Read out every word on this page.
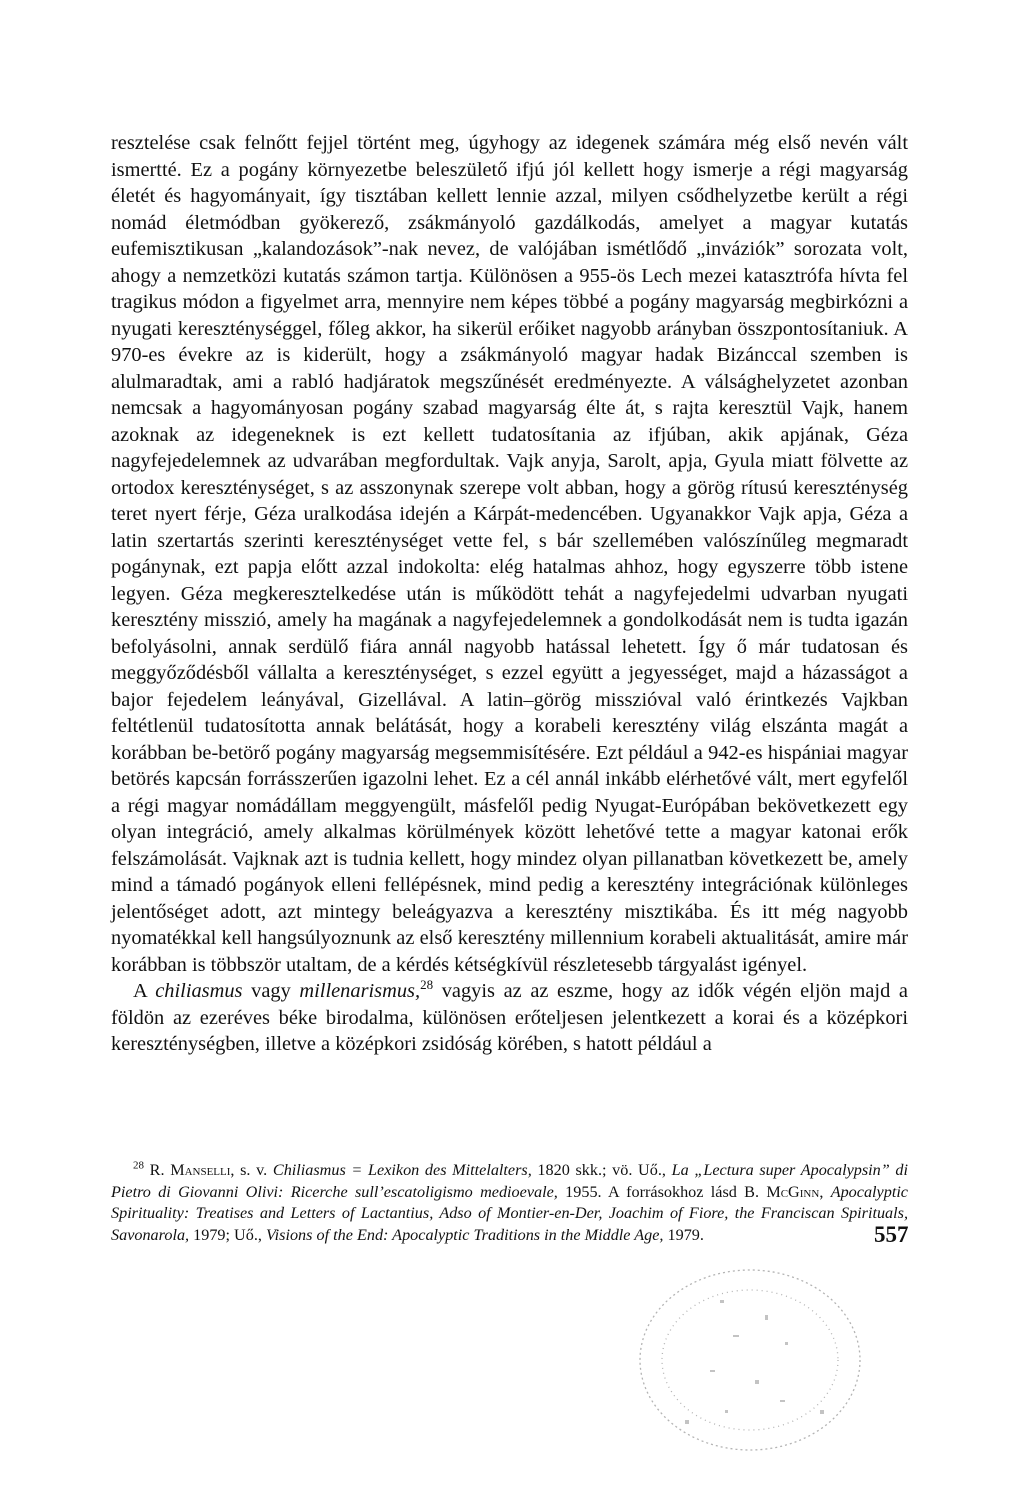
resztelése csak felnőtt fejjel történt meg, úgyhogy az idegenek számára még első nevén vált ismertté. Ez a pogány környezetbe beleszülető ifjú jól kellett hogy ismerje a régi magyarság életét és hagyományait, így tisztában kellett lennie azzal, milyen csődhelyzetbe került a régi nomád életmódban gyökerező, zsákmányoló gazdálkodás, amelyet a magyar kutatás eufemisztikusan „kalandozások”-nak nevez, de valójában ismétlődő „inváziók” sorozata volt, ahogy a nemzetközi kutatás számon tartja. Különösen a 955-ös Lech mezei katasztrófa hívta fel tragikus módon a figyelmet arra, mennyire nem képes többé a pogány magyarság megbirkózni a nyugati kereszténységgel, főleg akkor, ha sikerül erőiket nagyobb arányban összpontosítaniuk. A 970-es évekre az is kiderült, hogy a zsákmányoló magyar hadak Bizánccal szemben is alulmaradtak, ami a rabló hadjáratok megszűnését eredményezte. A válsághelyzetet azonban nemcsak a hagyományosan pogány szabad magyarság élte át, s rajta keresztül Vajk, hanem azoknak az idegeneknek is ezt kellett tudatosítania az ifjúban, akik apjának, Géza nagyfejedelemnek az udvarában megfordultak. Vajk anyja, Sarolt, apja, Gyula miatt fölvette az ortodox kereszténységet, s az asszonynak szerepe volt abban, hogy a görög rítusú kereszténység teret nyert férje, Géza uralkodása idején a Kárpát-medencében. Ugyanakkor Vajk apja, Géza a latin szertartás szerinti kereszténységet vette fel, s bár szellemében valószínűleg megmaradt pogánynak, ezt papja előtt azzal indokolta: elég hatalmas ahhoz, hogy egyszerre több istene legyen. Géza megkeresztelkedése után is működött tehát a nagyfejedelmi udvarban nyugati keresztény misszió, amely ha magának a nagyfejedelemnek a gondolkodását nem is tudta igazán befolyásolni, annak serdülő fiára annál nagyobb hatással lehetett. Így ő már tudatosan és meggyőződésből vállalta a kereszténységet, s ezzel együtt a jegyességet, majd a házasságot a bajor fejedelem leányával, Gizellával. A latin–görög misszióval való érintkezés Vajkban feltétlenül tudatosította annak belátását, hogy a korabeli keresztény világ elszánta magát a korábban be-betörő pogány magyarság megsemmisítésére. Ezt például a 942-es hispániai magyar betörés kapcsán forrásszerűen igazolni lehet. Ez a cél annál inkább elérhetővé vált, mert egyfelől a régi magyar nomádállam meggyengült, másfelől pedig Nyugat-Európában bekövetkezett egy olyan integráció, amely alkalmas körülmények között lehetővé tette a magyar katonai erők felszámolását. Vajknak azt is tudnia kellett, hogy mindez olyan pillanatban következett be, amely mind a támadó pogányok elleni fellépésnek, mind pedig a keresztény integrációnak különleges jelentőséget adott, azt mintegy beleágyazva a keresztény misztikába. És itt még nagyobb nyomatékkal kell hangsúlyoznunk az első keresztény millennium korabeli aktualitását, amire már korábban is többször utaltam, de a kérdés kétségkívül részletesebb tárgyalást igényel.

A chiliasmus vagy millenarismus,$^{28}$ vagyis az az eszme, hogy az idők végén eljön majd a földön az ezeréves béke birodalma, különösen erőteljesen jelentkezett a korai és a középkori kereszténységben, illetve a középkori zsidóság körében, s hatott például a

$^{28}$ R. Manselli, s. v. Chiliasmus = Lexikon des Mittelalters, 1820 skk.; vö. Uő., La „Lectura super Apocalypsin” di Pietro di Giovanni Olivi: Ricerche sull’escatoligismo medioevale, 1955. A forrásokhoz lásd B. McGinn, Apocalyptic Spirituality: Treatises and Letters of Lactantius, Adso of Montier-en-Der, Joachim of Fiore, the Franciscan Spirituals, Savonarola, 1979; Uő., Visions of the End: Apocalyptic Traditions in the Middle Age, 1979.	557
